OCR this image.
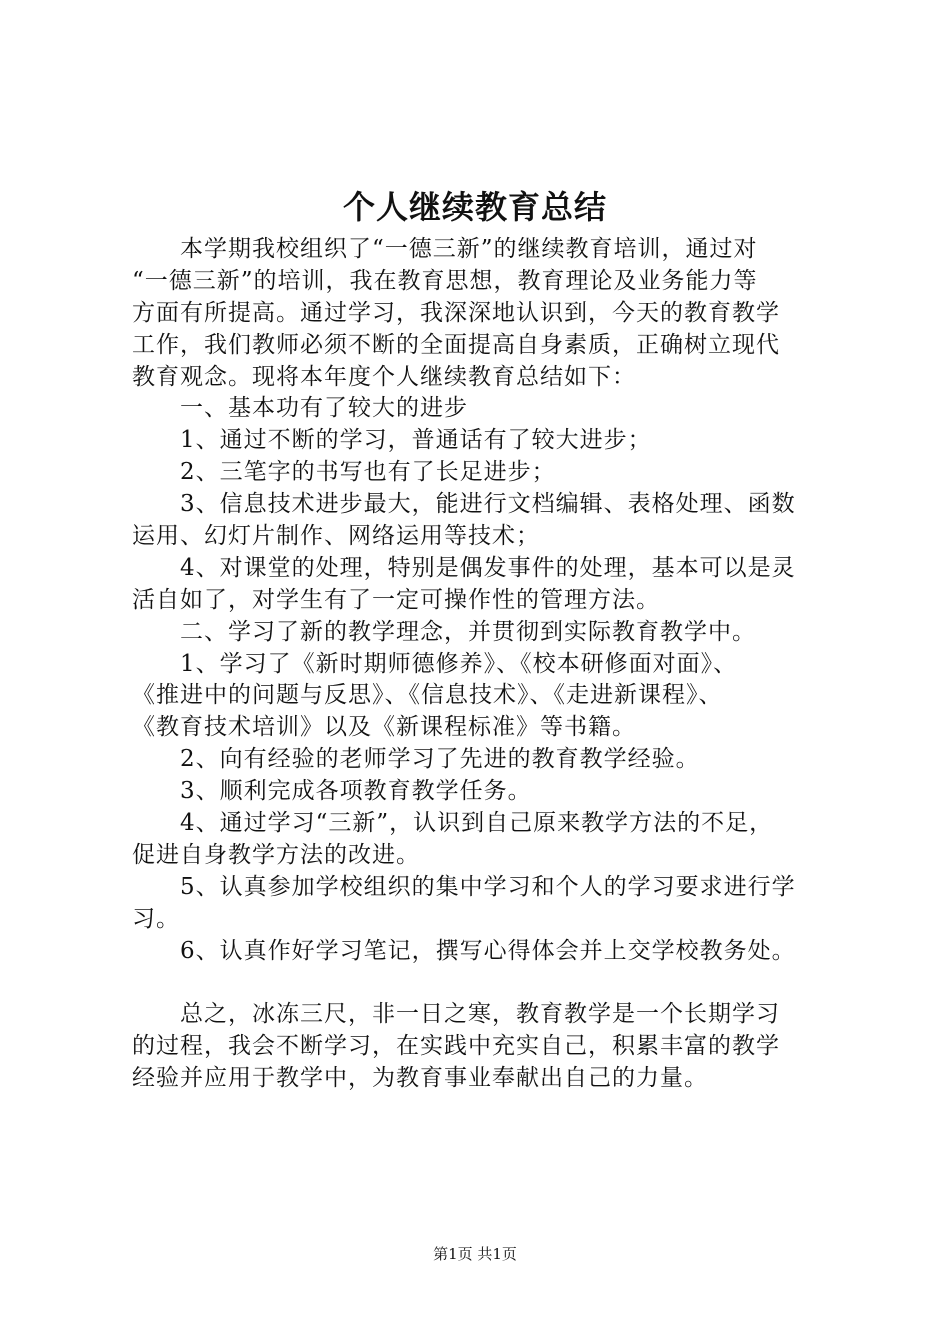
个人继续教育总结

本学期我校组织了“一德三新”的继续教育培训，通过对

“一德三新”的培训，我在教育思想，教育理论及业务能力等

方面有所提高。通过学习，我深深地认识到，今天的教育教学

工作，我们教师必须不断的全面提高自身素质，正确树立现代

教育观念。现将本年度个人继续教育总结如下：

一、基本功有了较大的进步

1、通过不断的学习，普通话有了较大进步；

2、三笔字的书写也有了长足进步；

3、信息技术进步最大，能进行文档编辑、表格处理、函数

运用、幻灯片制作、网络运用等技术；

4、对课堂的处理，特别是偶发事件的处理，基本可以是灵

活自如了，对学生有了一定可操作性的管理方法。

二、学习了新的教学理念，并贯彻到实际教育教学中。

1、学习了《新时期师德修养》、《校本研修面对面》、

《推进中的问题与反思》、《信息技术》、《走进新课程》、

《教育技术培训》以及《新课程标准》等书籍。

2、向有经验的老师学习了先进的教育教学经验。

3、顺利完成各项教育教学任务。

4、通过学习“三新”，认识到自己原来教学方法的不足，

促进自身教学方法的改进。

5、认真参加学校组织的集中学习和个人的学习要求进行学

习。

6、认真作好学习笔记，撰写心得体会并上交学校教务处。

总之，冰冻三尺，非一日之寒，教育教学是一个长期学习

的过程，我会不断学习，在实践中充实自己，积累丰富的教学

经验并应用于教学中，为教育事业奉献出自己的力量。

第1页 共1页
